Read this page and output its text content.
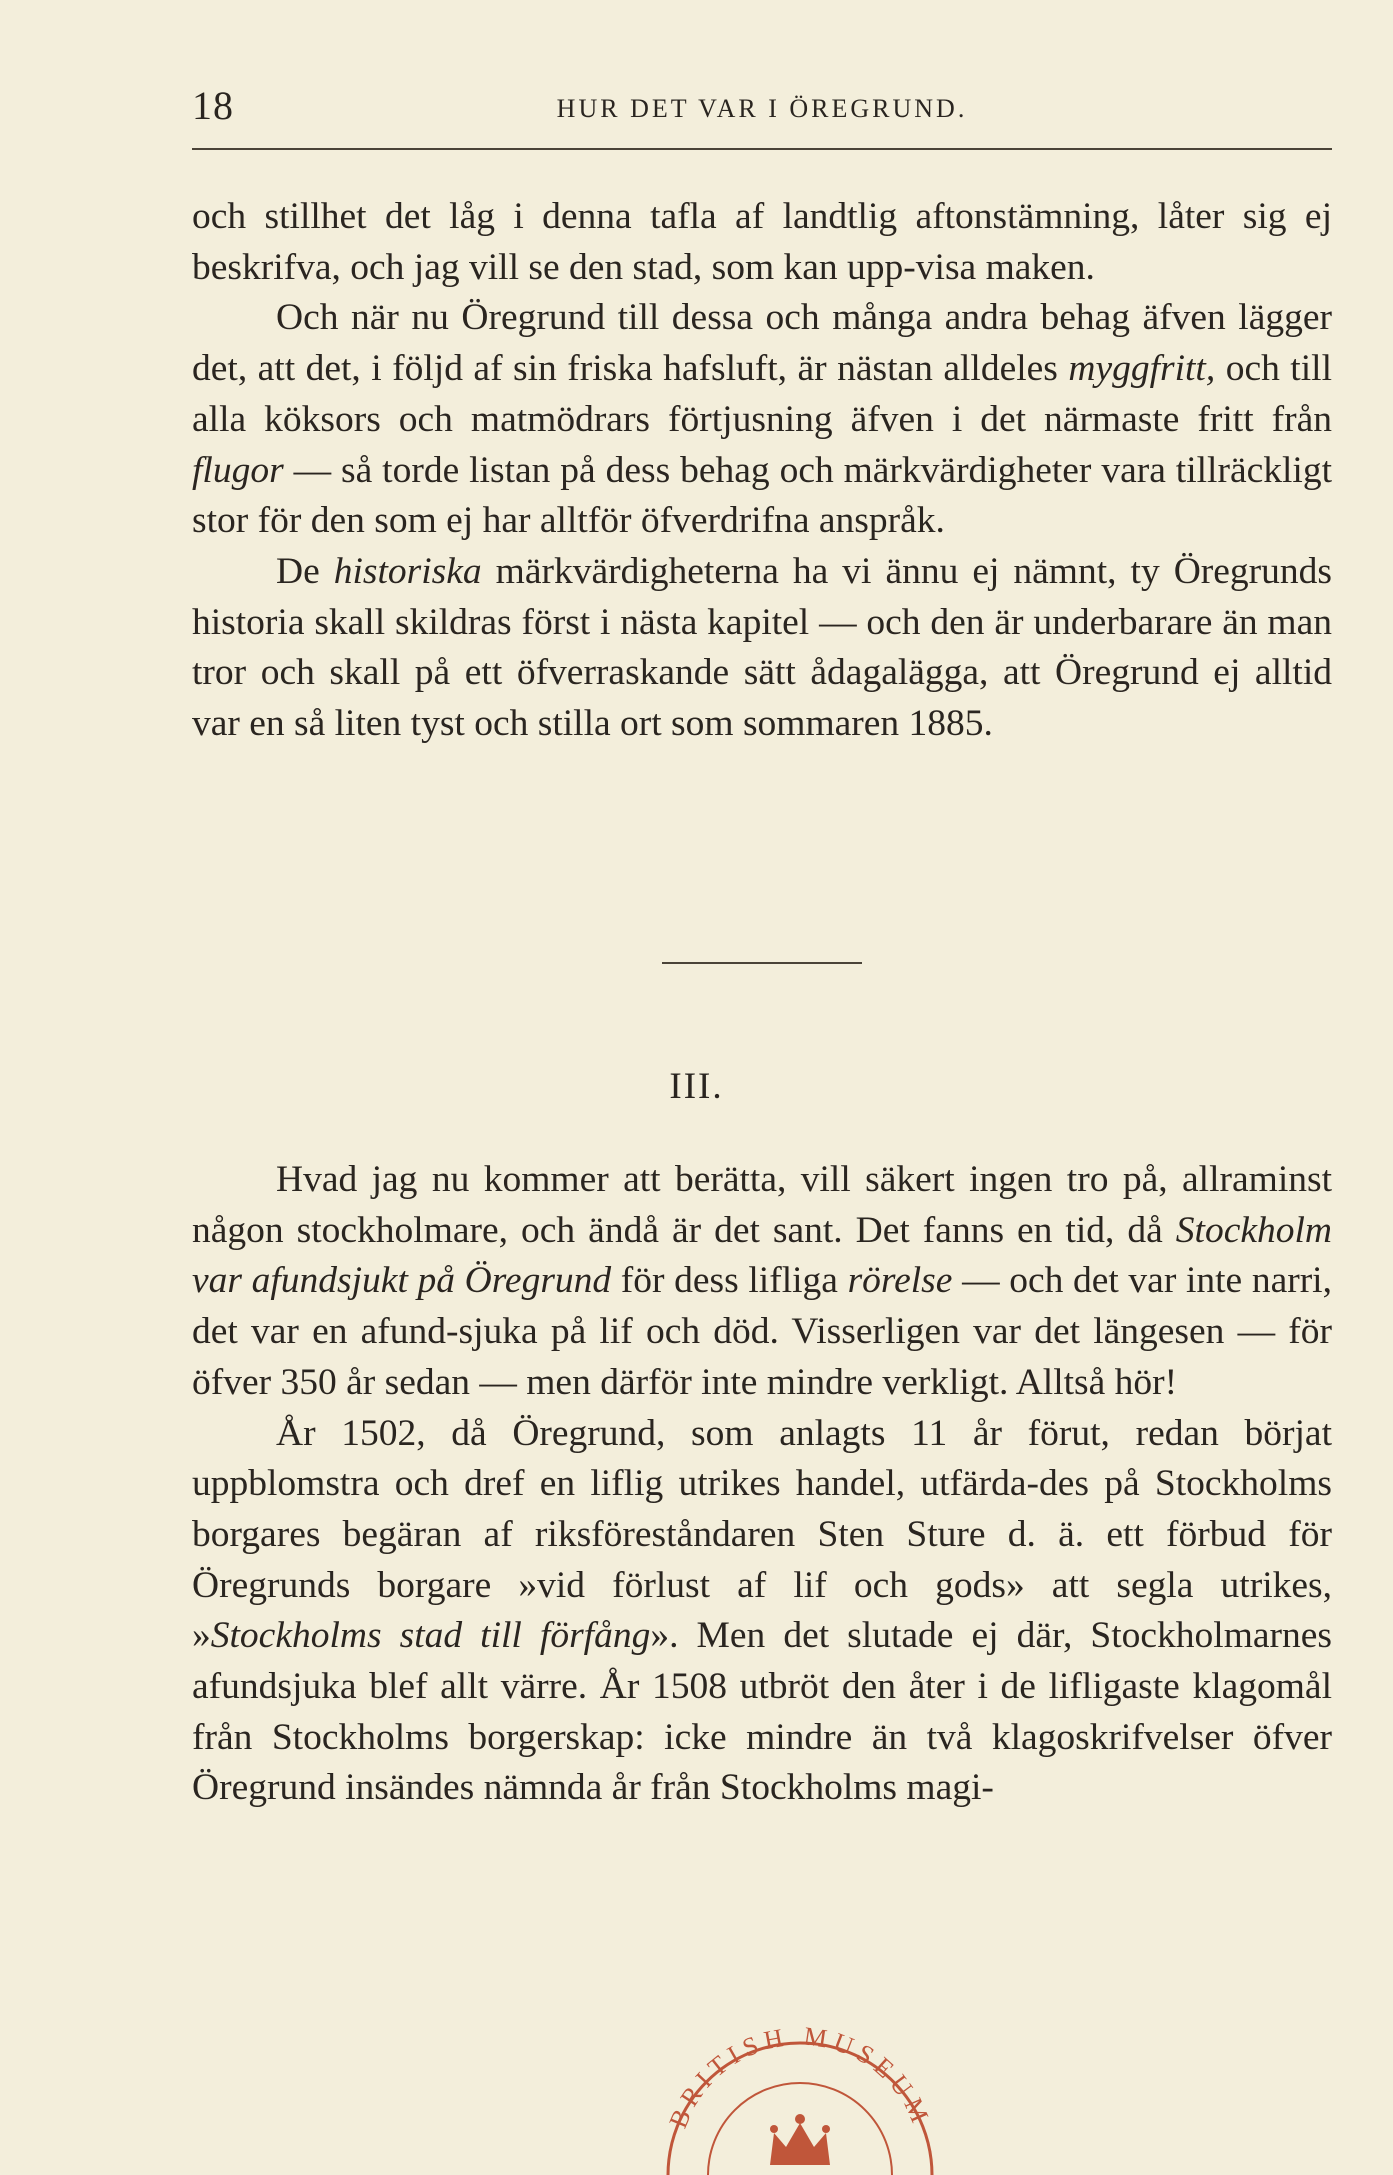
18	HUR DET VAR I ÖREGRUND.

och stillhet det låg i denna tafla af landtlig aftonstämning, låter sig ej beskrifva, och jag vill se den stad, som kan upp-visa maken.

Och när nu Öregrund till dessa och många andra behag äfven lägger det, att det, i följd af sin friska hafsluft, är nästan alldeles myggfritt, och till alla köksors och matmödrars förtjusning äfven i det närmaste fritt från flugor — så torde listan på dess behag och märkvärdigheter vara tillräckligt stor för den som ej har alltför öfverdrifna anspråk.

De historiska märkvärdigheterna ha vi ännu ej nämnt, ty Öregrunds historia skall skildras först i nästa kapitel — och den är underbarare än man tror och skall på ett öfverraskande sätt ådagalägga, att Öregrund ej alltid var en så liten tyst och stilla ort som sommaren 1885.

III.

Hvad jag nu kommer att berätta, vill säkert ingen tro på, allraminst någon stockholmare, och ändå är det sant. Det fanns en tid, då Stockholm var afundsjukt på Öregrund för dess lifliga rörelse — och det var inte narri, det var en afund-sjuka på lif och död. Visserligen var det längesen — för öfver 350 år sedan — men därför inte mindre verkligt. Alltså hör!

År 1502, då Öregrund, som anlagts 11 år förut, redan börjat uppblomstra och dref en liflig utrikes handel, utfärda-des på Stockholms borgares begäran af riksföreståndaren Sten Sture d. ä. ett förbud för Öregrunds borgare »vid förlust af lif och gods» att segla utrikes, »Stockholms stad till förfång». Men det slutade ej där, Stockholmarnes afundsjuka blef allt värre. År 1508 utbröt den åter i de lifligaste klagomål från Stockholms borgerskap: icke mindre än två klagoskrifvelser öfver Öregrund insändes nämnda år från Stockholms magi-

BRITISH MUSEUM
